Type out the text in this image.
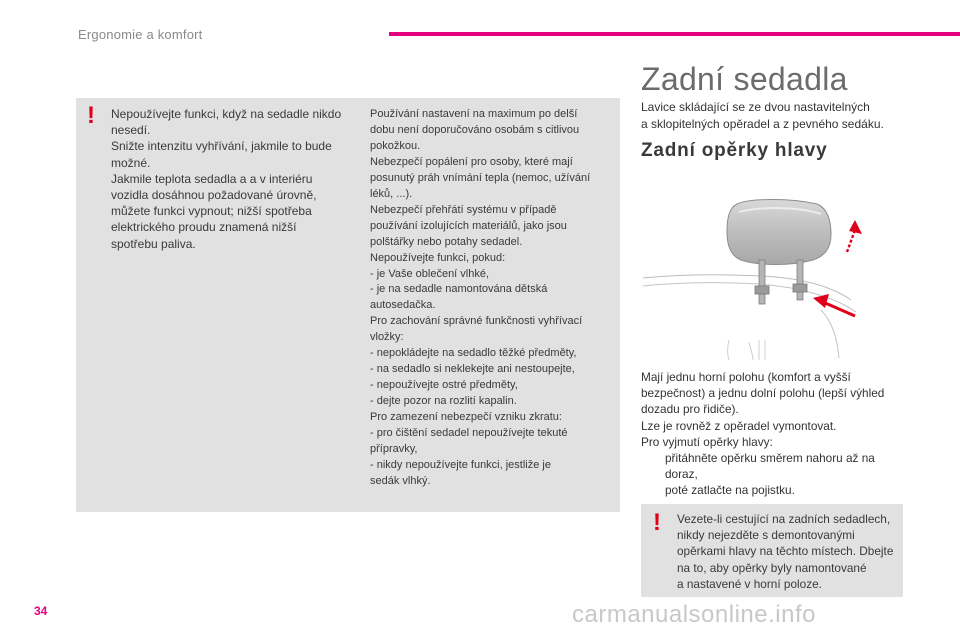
Ergonomie a komfort
! Nepoužívejte funkci, když na sedadle nikdo
nesedí.
Snižte intenzitu vyhřívání, jakmile to bude
možné.
Jakmile teplota sedadla a a v interiéru
vozidla dosáhnou požadované úrovně,
můžete funkci vypnout; nižší spotřeba
elektrického proudu znamená nižší
spotřebu paliva.
Používání nastavení na maximum po delší
dobu není doporučováno osobám s citlivou
pokožkou.
Nebezpečí popálení pro osoby, které mají
posunutý práh vnímání tepla (nemoc, užívání
léků, ...).
Nebezpečí přehřátí systému v případě
používání izolujících materiálů, jako jsou
polštářky nebo potahy sedadel.
Nepoužívejte funkci, pokud:
- je Vaše oblečení vlhké,
- je na sedadle namontována dětská
autosedačka.
Pro zachování správné funkčnosti vyhřívací
vložky:
- nepokládejte na sedadlo těžké předměty,
- na sedadlo si neklekejte ani nestoupejte,
- nepoužívejte ostré předměty,
- dejte pozor na rozlití kapalin.
Pro zamezení nebezpečí vzniku zkratu:
- pro čištění sedadel nepoužívejte tekuté
přípravky,
- nikdy nepoužívejte funkci, jestliže je
sedák vlhký.
Zadní sedadla
Lavice skládající se ze dvou nastavitelných
a sklopitelných opěradel a z pevného sedáku.
Zadní opěrky hlavy
Mají jednu horní polohu (komfort a vyšší
bezpečnost) a jednu dolní polohu (lepší výhled
dozadu pro řidiče).
Lze je rovněž z opěradel vymontovat.
Pro vyjmutí opěrky hlavy:
přitáhněte opěrku směrem nahoru až na
doraz,
poté zatlačte na pojistku.
! Vezete-li cestující na zadních sedadlech,
nikdy nejezděte s demontovanými
opěrkami hlavy na těchto místech. Dbejte
na to, aby opěrky byly namontované
a nastavené v horní poloze.
34	carmanualsonline.info
